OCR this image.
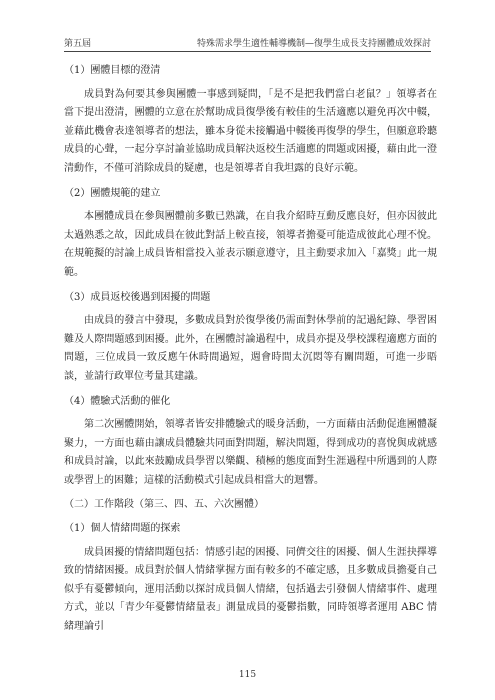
第五屆	特殊需求學生適性輔導機制—復學生成長支持團體成效探討
（1）團體目標的澄清

成員對為何要其參與團體一事感到疑問，「是不是把我們當白老鼠？」領導者在當下提出澄清，團體的立意在於幫助成員復學後有較佳的生活適應以避免再次中輟，並藉此機會表達領導者的想法，雖本身從未接觸過中輟後再復學的學生，但願意聆聽成員的心聲，一起分享討論並協助成員解決返校生活適應的問題或困擾，藉由此一澄清動作，不僅可消除成員的疑慮，也是領導者自我坦露的良好示範。

（2）團體規範的建立

本團體成員在參與團體前多數已熟識，在自我介紹時互動反應良好，但亦因彼此太過熟悉之故，因此成員在彼此對話上較直接，領導者擔憂可能造成彼此心理不悅。在規範擬的討論上成員皆相當投入並表示願意遵守，且主動要求加入「嘉獎」此一規範。

（3）成員返校後遇到困擾的問題

由成員的發言中發現，多數成員對於復學後仍需面對休學前的記過紀錄、學習困難及人際問題感到困擾。此外，在團體討論過程中，成員亦提及學校課程適應方面的問題，三位成員一致反應午休時間過短，週會時間太沉悶等有關問題，可進一步晤談，並請行政單位考量其建議。

（4）體驗式活動的催化

第二次團體開始，領導者皆安排體驗式的暖身活動，一方面藉由活動促進團體凝聚力，一方面也藉由讓成員體驗共同面對問題，解決問題，得到成功的喜悅與成就感和成員討論，以此來鼓勵成員學習以樂觀、積極的態度面對生涯過程中所遇到的人際或學習上的困難；這樣的活動模式引起成員相當大的迴響。

（二）工作階段（第三、四、五、六次團體）
（1）個人情緒問題的探索

成員困擾的情緒問題包括：情感引起的困擾、同儕交往的困擾、個人生涯抉擇導致的情緒困擾。成員對於個人情緒掌握方面有較多的不確定感，且多數成員擔憂自己似乎有憂鬱傾向，運用活動以探討成員個人情緒，包括過去引發個人情緒事件、處理方式，並以「青少年憂鬱情緒量表」測量成員的憂鬱指數，同時領導者運用 ABC 情緒理論引

115
